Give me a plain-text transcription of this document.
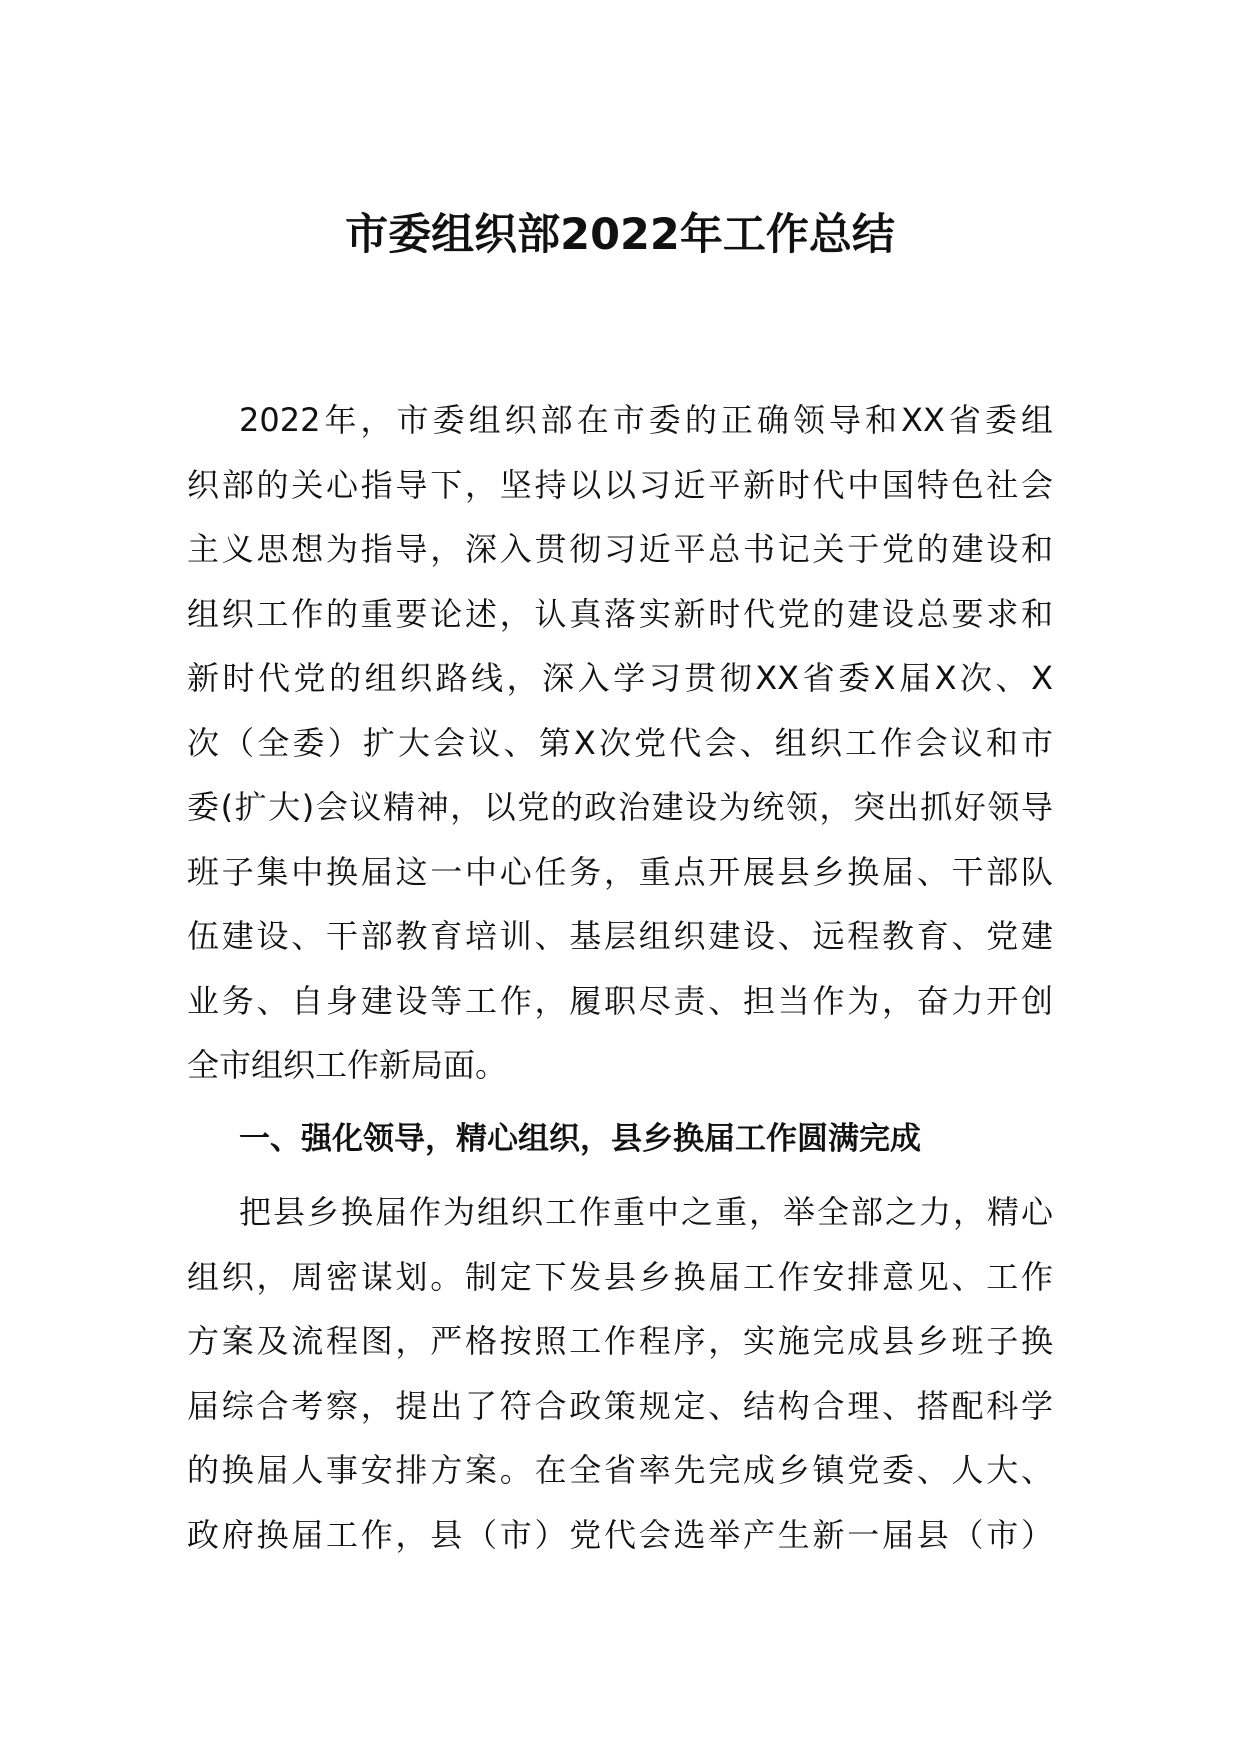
市委组织部2022年工作总结
2022年，市委组织部在市委的正确领导和XX省委组
织部的关心指导下，坚持以以习近平新时代中国特色社会
主义思想为指导，深入贯彻习近平总书记关于党的建设和
组织工作的重要论述，认真落实新时代党的建设总要求和
新时代党的组织路线，深入学习贯彻XX省委X届X次、X
次（全委）扩大会议、第X次党代会、组织工作会议和市
委(扩大)会议精神，以党的政治建设为统领，突出抓好领导
班子集中换届这一中心任务，重点开展县乡换届、干部队
伍建设、干部教育培训、基层组织建设、远程教育、党建
业务、自身建设等工作，履职尽责、担当作为，奋力开创
全市组织工作新局面。
一、强化领导，精心组织，县乡换届工作圆满完成
把县乡换届作为组织工作重中之重，举全部之力，精心
组织，周密谋划。制定下发县乡换届工作安排意见、工作
方案及流程图，严格按照工作程序，实施完成县乡班子换
届综合考察，提出了符合政策规定、结构合理、搭配科学
的换届人事安排方案。在全省率先完成乡镇党委、人大、
政府换届工作，县（市）党代会选举产生新一届县（市）
